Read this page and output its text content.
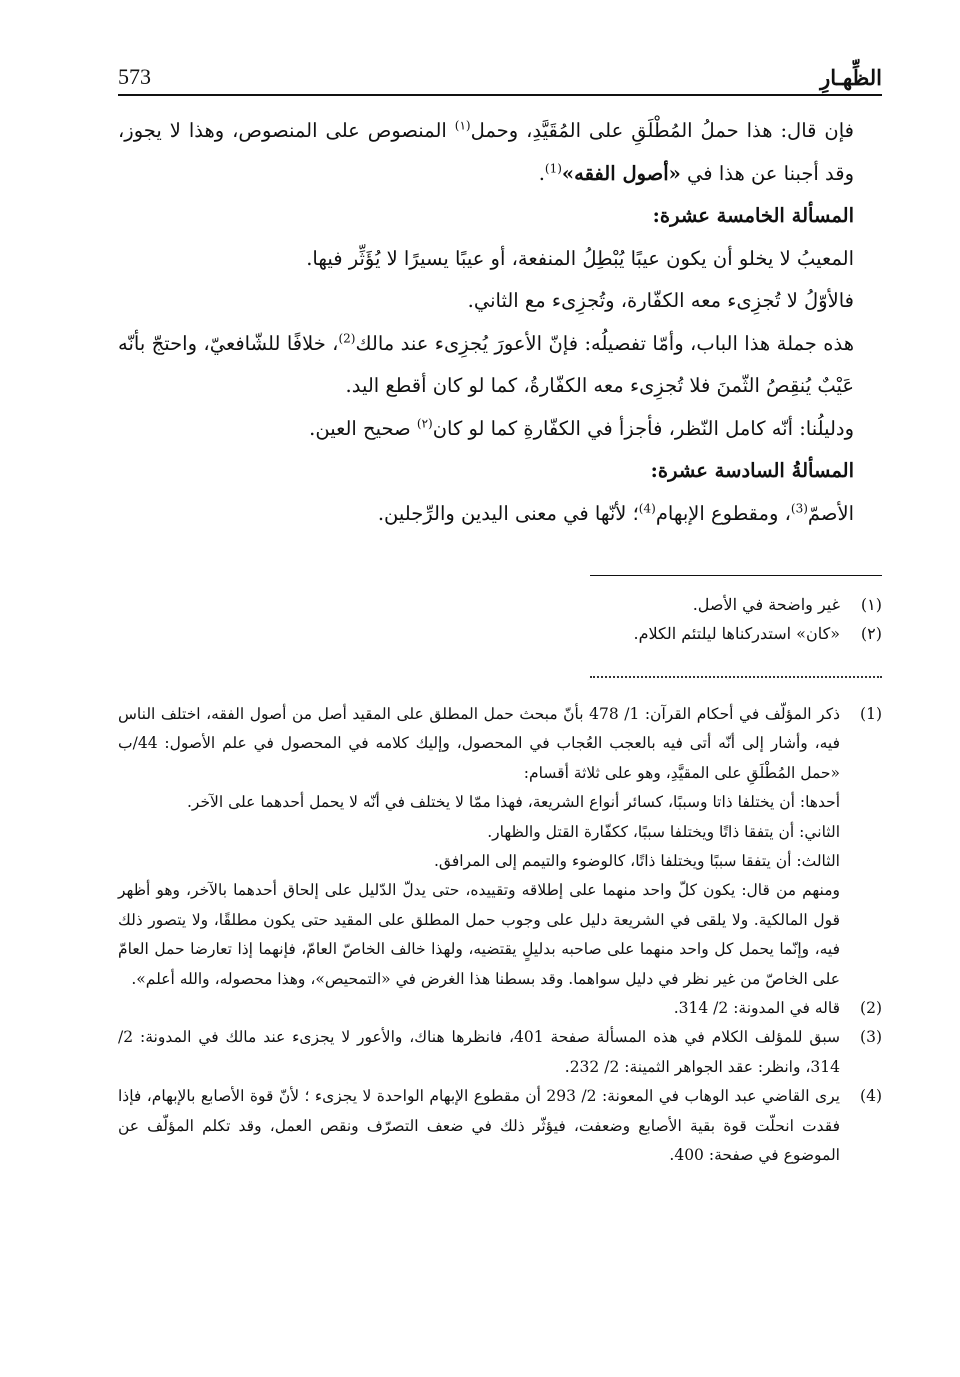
573	الظِّهـارِ

فإن قال: هذا حملُ المُطْلَقِ على المُقَيَّدِ، وحمل$^{(١)}$ المنصوص على المنصوص، وهذا لا يجوز، وقد أجبنا عن هذا في «أصول الفقه»$^{(1)}$.

المسألة الخامسة عشرة:

المعيبُ لا يخلو أن يكون عيبًا يُبْطِلُ المنفعة، أو عيبًا يسيرًا لا يُؤَثِّر فيها.

فالأوّلُ لا تُجزِىء معه الكفّارة، وتُجزِىء مع الثاني.

هذه جملة هذا الباب، وأمّا تفصيلُه: فإنّ الأعورَ يُجزِىء عند مالك$^{(2)}$، خلافًا للشّافعيّ، واحتجّ بأنّه عَيْبٌ يُنقِصُ الثّمنَ فلا تُجزِىء معه الكفّارةُ، كما لو كان أقطع اليد.

ودليلُنا: أنّه كامل النّظر، فأجزأ في الكفّارةِ كما لو كان$^{(٢)}$ صحيح العين.

المسألةُ السادسة عشرة:

الأصمّ$^{(3)}$، ومقطوع الإبهام$^{(4)}$؛ لأنّها في معنى اليدين والرِّجلين.

(١)
غير واضحة في الأصل.
(٢)
«كان» استدركناها ليلتئم الكلام.
(1)

ذكر المؤلّف في أحكام القرآن: 1/ 478 بأنّ مبحث حمل المطلق على المقيد أصل من أصول الفقه، اختلف الناس فيه، وأشار إلى أنّه أتى فيه بالعجب العُجاب في المحصول، وإليك كلامه في المحصول في علم الأصول: 44/ب «حمل المُطْلَقِ على المقيَّدِ، وهو على ثلاثة أقسام:

أحدها: أن يختلفا ذاتا وسببًا، كسائر أنواع الشريعة، فهذا ممّا لا يختلف في أنّه لا يحمل أحدهما على الآخر.

الثاني: أن يتفقا ذاتًا ويختلفا سببًا، ككفّارة القتل والظهار.

الثالث: أن يتفقا سببًا ويختلفا ذاتًا، كالوضوء والتيمم إلى المرافق.

ومنهم من قال: يكون كلّ واحد منهما على إطلاقه وتقييده، حتى يدلّ الدّليل على إلحاق أحدهما بالآخر، وهو أظهر قول المالكية. ولا يلقى في الشريعة دليل على وجوب حمل المطلق على المقيد حتى يكون مطلقًا، ولا يتصور ذلك فيه، وإنّما يحمل كل واحد منهما على صاحبه بدليلٍ يقتضيه، ولهذا خالف الخاصّ العامّ، فإنهما إذا تعارضا حمل العامّ على الخاصّ من غير نظر في دليل سواهما. وقد بسطنا هذا الغرض في «التمحيص»، وهذا محصوله، والله أعلم».

(2)
قاله في المدونة: 2/ 314.
(3)
سبق للمؤلف الكلام في هذه المسألة صفحة 401، فانظرها هناك، والأعور لا يجزىء عند مالك في المدونة: 2/ 314، وانظر: عقد الجواهر الثمينة: 2/ 232.
(4)
يرى القاضي عبد الوهاب في المعونة: 2/ 293 أن مقطوع الإبهام الواحدة لا يجزىء ؛ لأنّ قوة الأصابع بالإبهام، فإذا فقدت انحلّت قوة بقية الأصابع وضعفت، فيؤثّر ذلك في ضعف التصرّف ونقص العمل، وقد تكلم المؤلّف عن الموضوع في صفحة: 400.
